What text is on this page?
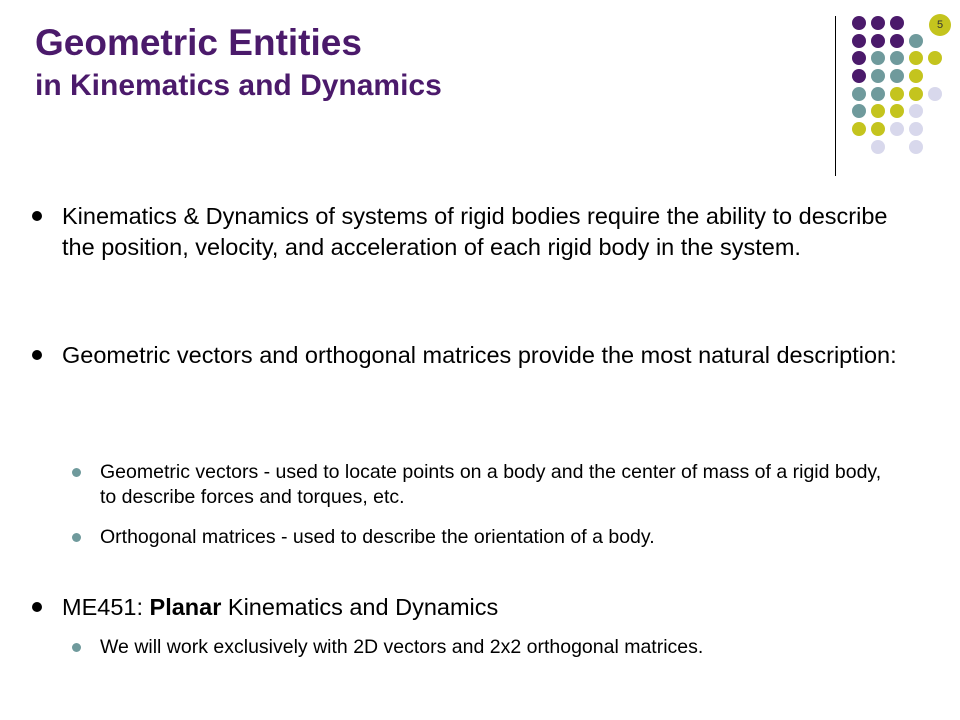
Geometric Entities
in Kinematics and Dynamics
5
Kinematics & Dynamics of systems of rigid bodies require the ability to describe the position, velocity, and acceleration of each rigid body in the system.
Geometric vectors and orthogonal matrices provide the most natural description:
Geometric vectors - used to locate points on a body and the center of mass of a rigid body, to describe forces and torques, etc.
Orthogonal matrices - used to describe the orientation of a body.
ME451: Planar Kinematics and Dynamics
We will work exclusively with 2D vectors and 2x2 orthogonal matrices.
